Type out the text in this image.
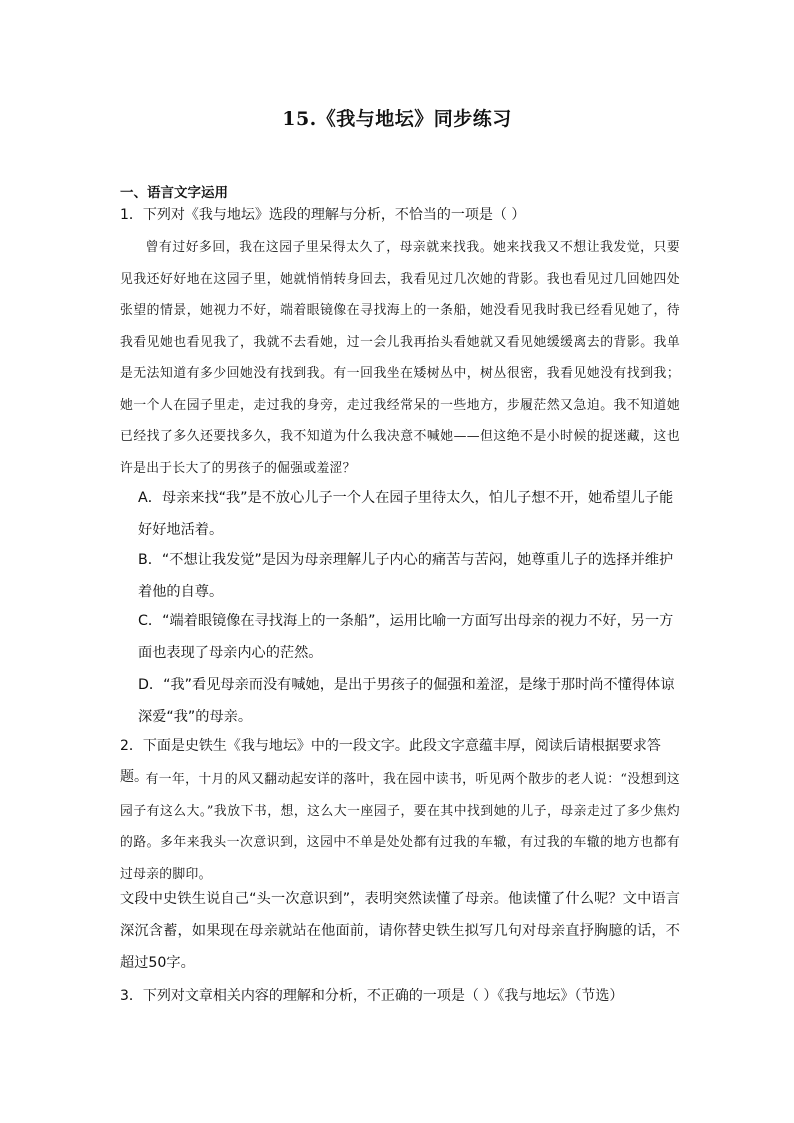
15.《我与地坛》同步练习
一、语言文字运用
1．下列对《我与地坛》选段的理解与分析，不恰当的一项是（ ）
曾有过好多回，我在这园子里呆得太久了，母亲就来找我。她来找我又不想让我发觉，只要见我还好好地在这园子里，她就悄悄转身回去，我看见过几次她的背影。我也看见过几回她四处张望的情景，她视力不好，端着眼镜像在寻找海上的一条船，她没看见我时我已经看见她了，待我看见她也看见我了，我就不去看她，过一会儿我再抬头看她就又看见她缓缓离去的背影。我单是无法知道有多少回她没有找到我。有一回我坐在矮树丛中，树丛很密，我看见她没有找到我；她一个人在园子里走，走过我的身旁，走过我经常呆的一些地方，步履茫然又急迫。我不知道她已经找了多久还要找多久，我不知道为什么我决意不喊她——但这绝不是小时候的捉迷藏，这也许是出于长大了的男孩子的倔强或羞涩？
A．母亲来找“我”是不放心儿子一个人在园子里待太久，怕儿子想不开，她希望儿子能好好地活着。
B．“不想让我发觉”是因为母亲理解儿子内心的痛苦与苦闷，她尊重儿子的选择并维护着他的自尊。
C．“端着眼镜像在寻找海上的一条船”，运用比喻一方面写出母亲的视力不好，另一方面也表现了母亲内心的茫然。
D．“我”看见母亲而没有喊她，是出于男孩子的倔强和羞涩，是缘于那时尚不懂得体谅深爱“我”的母亲。
2．下面是史铁生《我与地坛》中的一段文字。此段文字意蕴丰厚，阅读后请根据要求答题。
有一年，十月的风又翻动起安详的落叶，我在园中读书，听见两个散步的老人说：“没想到这园子有这么大。”我放下书，想，这么大一座园子，要在其中找到她的儿子，母亲走过了多少焦灼的路。多年来我头一次意识到，这园中不单是处处都有过我的车辙，有过我的车辙的地方也都有过母亲的脚印。
文段中史铁生说自己“头一次意识到”，表明突然读懂了母亲。他读懂了什么呢？文中语言深沉含蓄，如果现在母亲就站在他面前，请你替史铁生拟写几句对母亲直抒胸臆的话，不超过50字。
3．下列对文章相关内容的理解和分析，不正确的一项是（ ）《我与地坛》（节选）
